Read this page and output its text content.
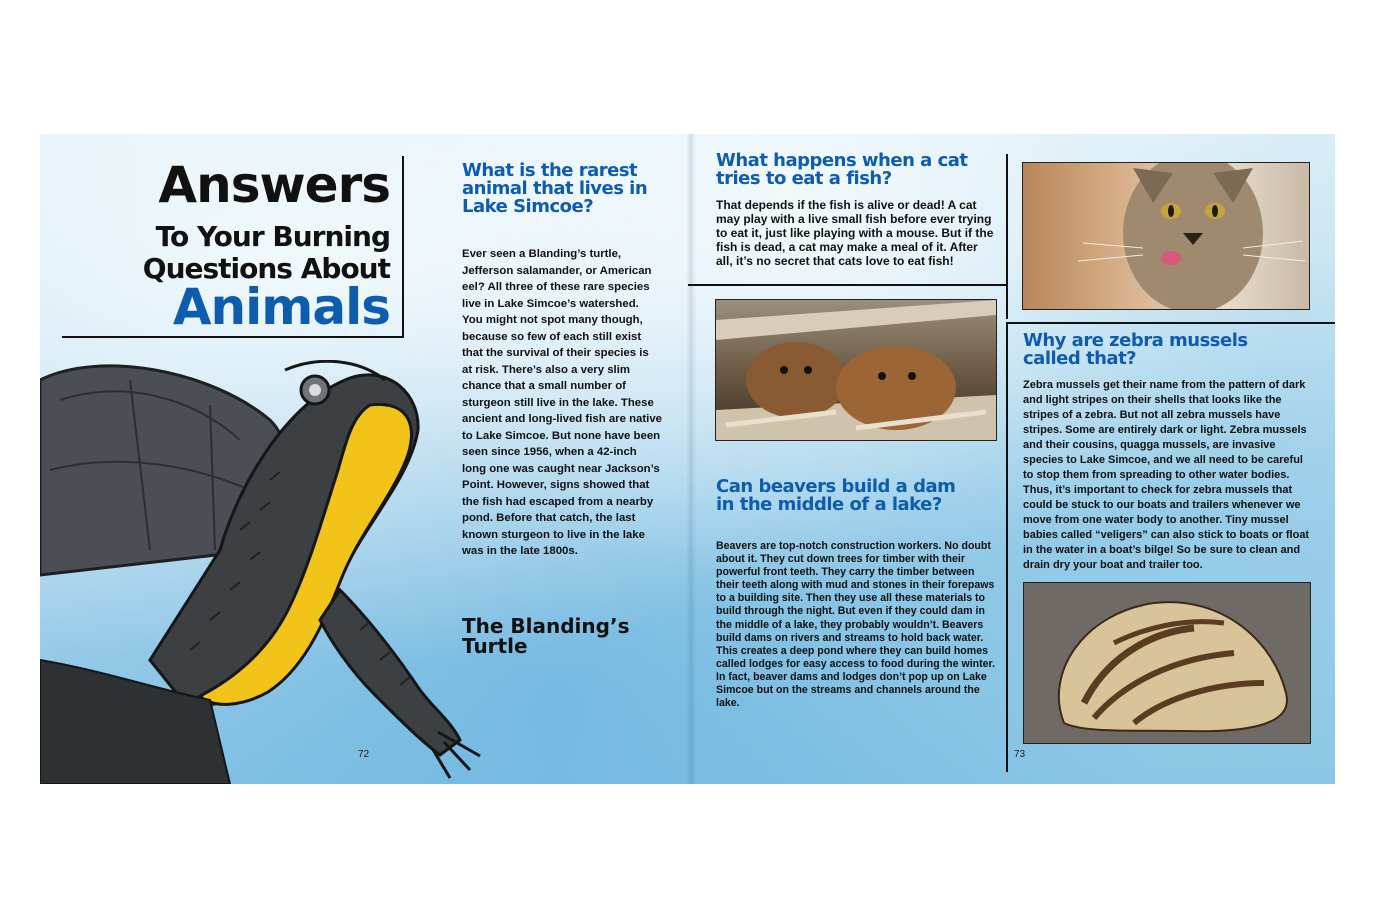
Answers
To Your Burning
Questions About
Animals
What is the rarest animal that lives in Lake Simcoe?

Ever seen a Blanding’s turtle, Jefferson salamander, or American eel? All three of these rare species live in Lake Simcoe’s watershed. You might not spot many though, because so few of each still exist that the survival of their species is at risk. There’s also a very slim chance that a small number of sturgeon still live in the lake. These ancient and long-lived fish are native to Lake Simcoe. But none have been seen since 1956, when a 42-inch long one was caught near Jackson’s Point. However, signs showed that the fish had escaped from a nearby pond. Before that catch, the last known sturgeon to live in the lake was in the late 1800s.

The Blanding’s Turtle

72
What happens when a cat tries to eat a fish?

That depends if the fish is alive or dead! A cat may play with a live small fish before ever trying to eat it, just like playing with a mouse. But if the fish is dead, a cat may make a meal of it. After all, it’s no secret that cats love to eat fish!

Can beavers build a dam in the middle of a lake?

Beavers are top-notch construction workers. No doubt about it. They cut down trees for timber with their powerful front teeth. They carry the timber between their teeth along with mud and stones in their forepaws to a building site. Then they use all these materials to build through the night. But even if they could dam in the middle of a lake, they probably wouldn’t. Beavers build dams on rivers and streams to hold back water. This creates a deep pond where they can build homes called lodges for easy access to food during the winter. In fact, beaver dams and lodges don’t pop up on Lake Simcoe but on the streams and channels around the lake.

Why are zebra mussels called that?

Zebra mussels get their name from the pattern of dark and light stripes on their shells that looks like the stripes of a zebra. But not all zebra mussels have stripes. Some are entirely dark or light. Zebra mussels and their cousins, quagga mussels, are invasive species to Lake Simcoe, and we all need to be careful to stop them from spreading to other water bodies. Thus, it’s important to check for zebra mussels that could be stuck to our boats and trailers whenever we move from one water body to another. Tiny mussel babies called “veligers” can also stick to boats or float in the water in a boat’s bilge! So be sure to clean and drain dry your boat and trailer too.

73
